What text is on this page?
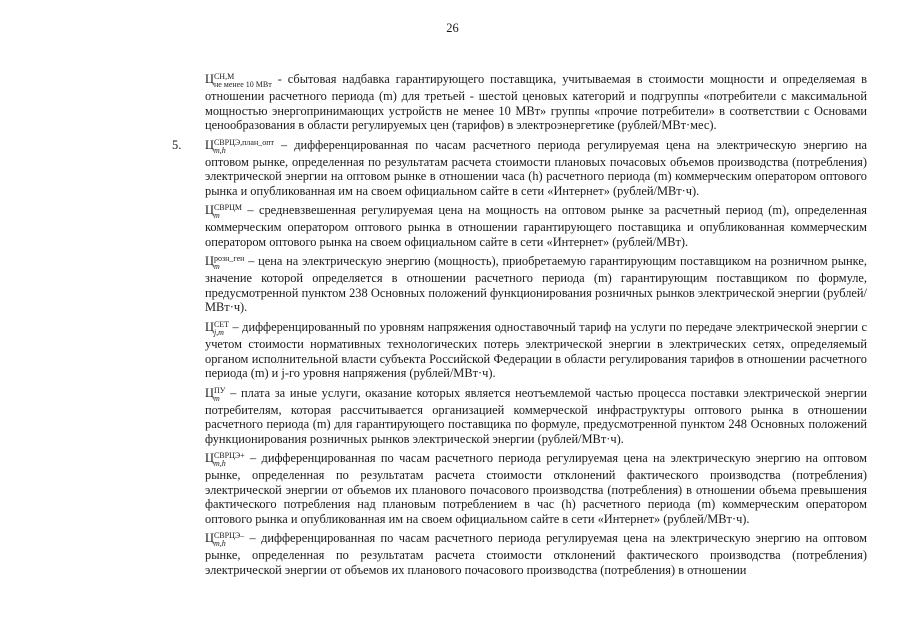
26

Ц СН,М
не менее 10 МВт - сбытовая надбавка гарантирующего поставщика, учитываемая в стоимости мощности и определяемая в отношении расчетного периода (m) для третьей - шестой ценовых категорий и подгруппы «потребители с максимальной мощностью энергопринимающих устройств не менее 10 МВт» группы «прочие потребители» в соответствии с Основами ценообразования в области регулируемых цен (тарифов) в электроэнергетике (рублей/МВт·мес).

5. Ц СВРЦЭ,план_опт
m,h	– дифференцированная по часам расчетного периода регулируемая цена на электрическую энергию на оптовом рынке, определенная по результатам расчета стоимости плановых почасовых объемов производства (потребления) электрической энергии на оптовом рынке в отношении часа (h) расчетного периода (m) коммерческим оператором оптового рынка и опубликованная им на своем официальном сайте в сети «Интернет» (рублей/МВт·ч).

Ц СВРЦМ
m	– средневзвешенная регулируемая цена на мощность на оптовом рынке за расчетный период (m), определенная коммерческим оператором оптового рынка в отношении гарантирующего поставщика и опубликованная коммерческим оператором оптового рынка на своем официальном сайте в сети «Интернет» (рублей/МВт).

Ц розн_ген
m	– цена на электрическую энергию (мощность), приобретаемую гарантирующим поставщиком на розничном рынке, значение которой определяется в отношении расчетного периода (m) гарантирующим поставщиком по формуле, предусмотренной пунктом 238 Основных положений функционирования розничных рынков электрической энергии (рублей/МВт·ч).

Ц СЕТ
j,m – дифференцированный по уровням напряжения одноставочный тариф на услуги по передаче электрической энергии с учетом стоимости нормативных технологических потерь электрической энергии в электрических сетях, определяемый органом исполнительной власти субъекта Российской Федерации в области регулирования тарифов в отношении расчетного периода (m) и j-го уровня напряжения (рублей/МВт·ч).

Ц ПУ
m – плата за иные услуги, оказание которых является неотъемлемой частью процесса поставки электрической энергии потребителям, которая рассчитывается организацией коммерческой инфраструктуры оптового рынка в отношении расчетного периода (m) для гарантирующего поставщика по формуле, предусмотренной пунктом 248 Основных положений функционирования розничных рынков электрической энергии (рублей/МВт·ч).

Ц СВРЦЭ+
m,h	– дифференцированная по часам расчетного периода регулируемая цена на электрическую энергию на оптовом рынке, определенная по результатам расчета стоимости отклонений фактического производства (потребления) электрической энергии от объемов их планового почасового производства (потребления) в отношении объема превышения фактического потребления над плановым потреблением в час (h) расчетного периода (m) коммерческим оператором оптового рынка и опубликованная им на своем официальном сайте в сети «Интернет» (рублей/МВт·ч).

Ц СВРЦЭ–
m,h	– дифференцированная по часам расчетного периода регулируемая цена на электрическую энергию на оптовом рынке, определенная по результатам расчета стоимости отклонений фактического производства (потребления) электрической энергии от объемов их планового почасового производства (потребления) в отношении
